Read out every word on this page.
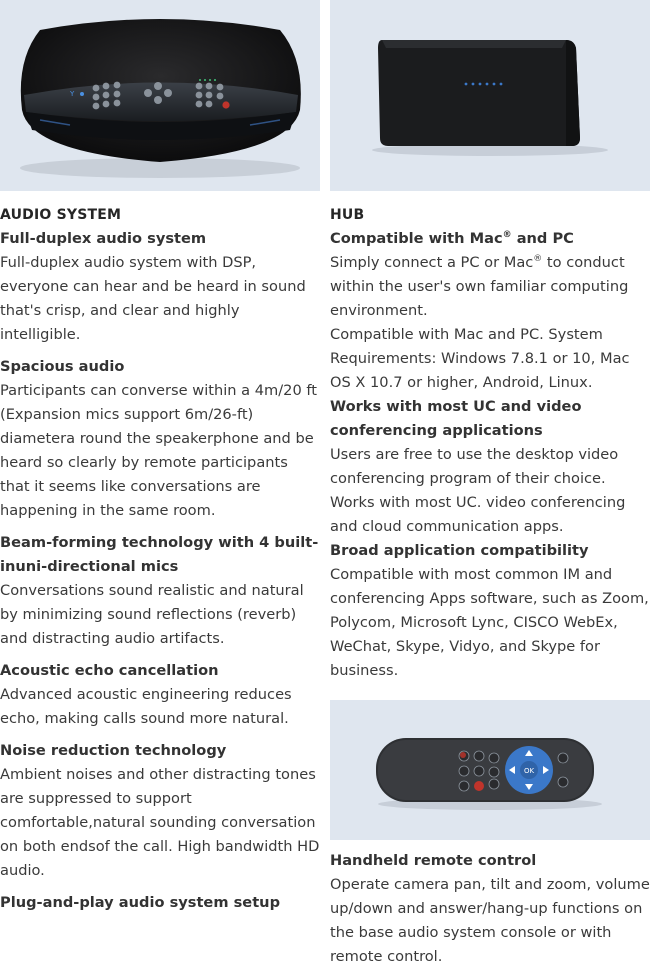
Y

AUDIO SYSTEM

Full-duplex audio system

Full-duplex audio system with DSP, everyone can hear and be heard in sound that's crisp, and clear and highly intelligible.

Spacious audio

Participants can converse within a 4m/20 ft (Expansion mics support 6m/26-ft) diametera round the speakerphone and be heard so clearly by remote participants that it seems like conversations are happening in the same room.

Beam-forming technology with 4 built-inuni-directional mics

Conversations sound realistic and natural by minimizing sound reflections (reverb) and distracting audio artifacts.

Acoustic echo cancellation

Advanced acoustic engineering reduces echo, making calls sound more natural.

Noise reduction technology

Ambient noises and other distracting tones are suppressed to support comfortable,natural sounding conversation on both endsof the call. High bandwidth HD audio.

Plug-and-play audio system setup

HUB

Compatible with Mac® and PC

Simply connect a PC or Mac® to conduct within the user's own familiar computing environment.

Compatible with Mac and PC. System Requirements: Windows 7.8.1 or 10, Mac OS X 10.7 or higher, Android, Linux.

Works with most UC and video conferencing applications

Users are free to use the desktop video conferencing program of their choice. Works with most UC. video conferencing and cloud communication apps.

Broad application compatibility

Compatible with most common IM and conferencing Apps software, such as Zoom, Polycom, Microsoft Lync, CISCO WebEx, WeChat, Skype, Vidyo, and Skype for business.

OK

Handheld remote control

Operate camera pan, tilt and zoom, volume up/down and answer/hang-up functions on the base audio system console or with remote control.
